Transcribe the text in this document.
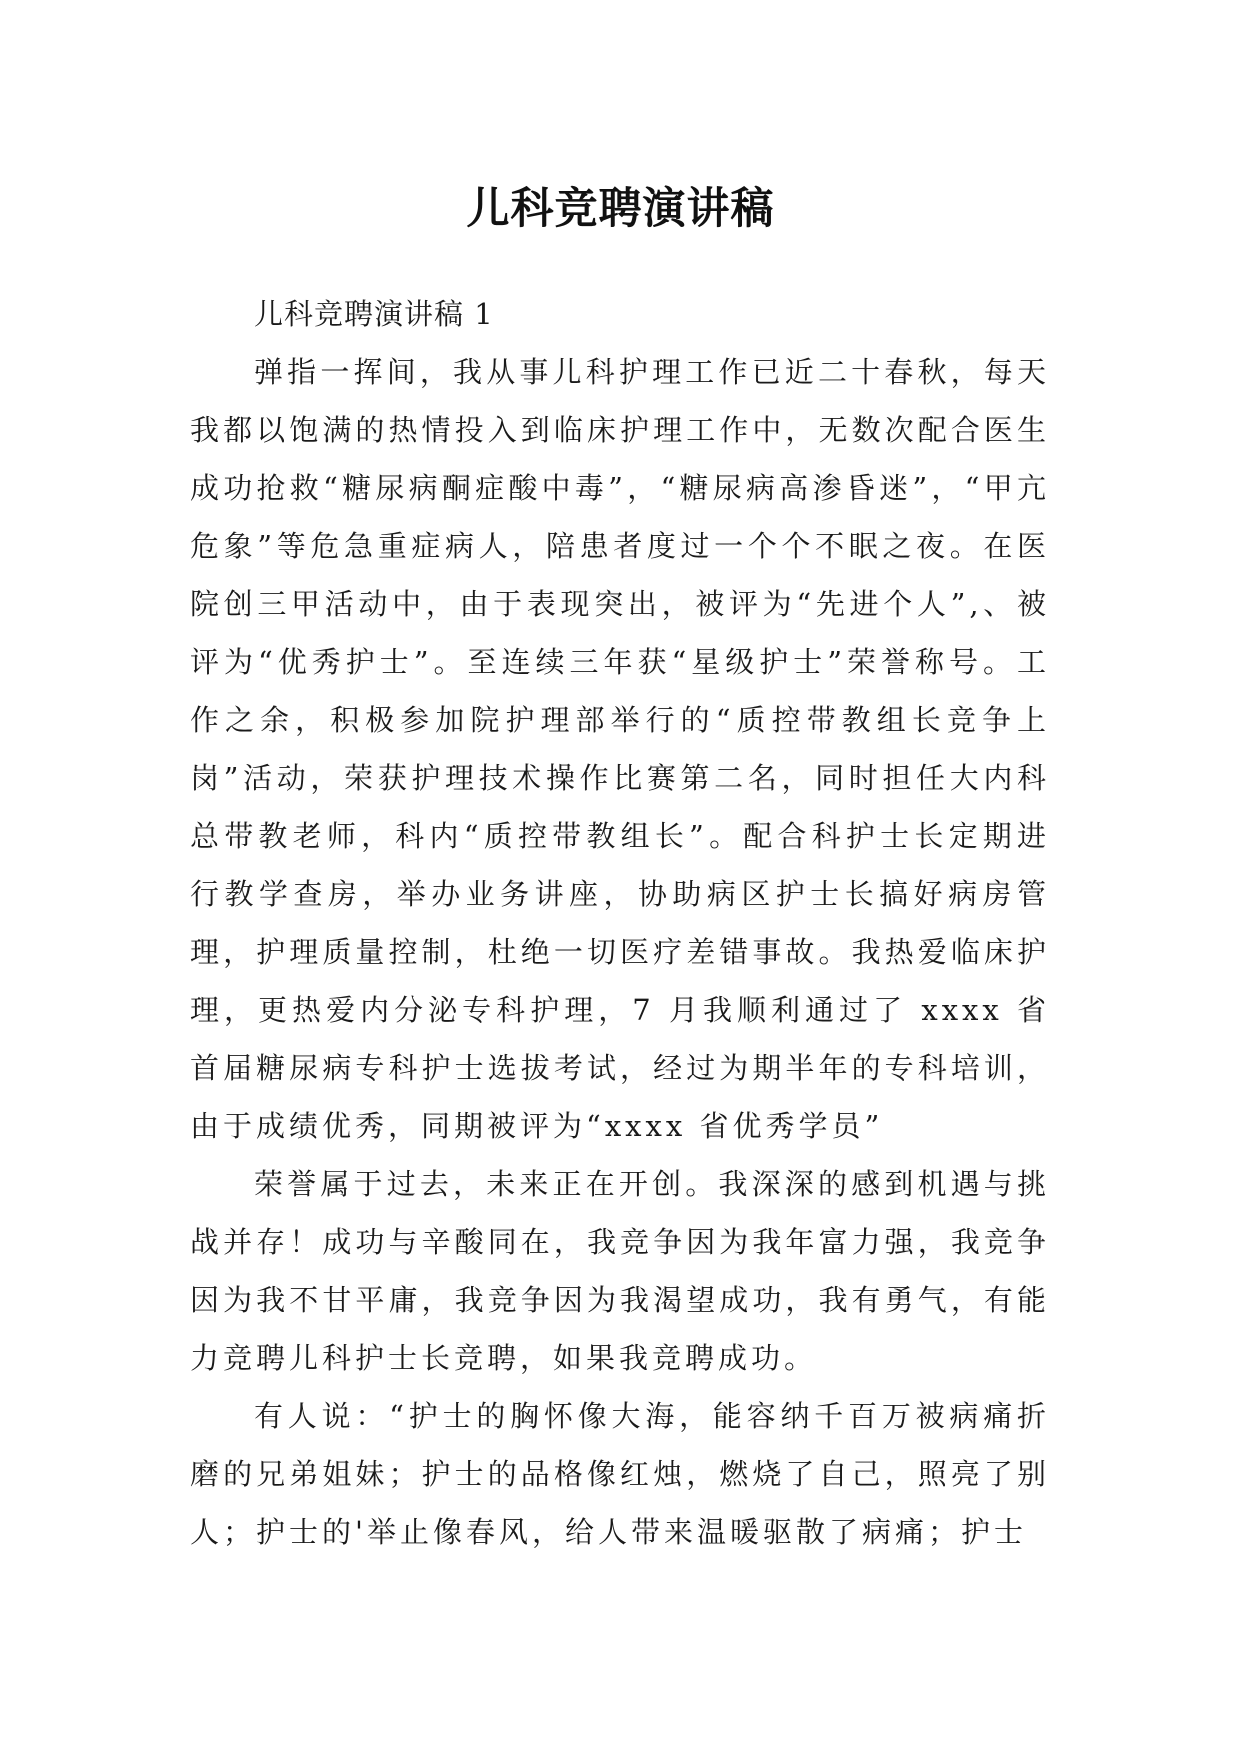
儿科竞聘演讲稿

儿科竞聘演讲稿 1

弹指一挥间，我从事儿科护理工作已近二十春秋，每天我都以饱满的热情投入到临床护理工作中，无数次配合医生成功抢救“糖尿病酮症酸中毒”，“糖尿病高渗昏迷”，“甲亢危象”等危急重症病人，陪患者度过一个个不眠之夜。在医院创三甲活动中，由于表现突出，被评为“先进个人”,、被评为“优秀护士”。至连续三年获“星级护士”荣誉称号。工作之余，积极参加院护理部举行的“质控带教组长竞争上岗”活动，荣获护理技术操作比赛第二名，同时担任大内科总带教老师，科内“质控带教组长”。配合科护士长定期进行教学查房，举办业务讲座，协助病区护士长搞好病房管理，护理质量控制，杜绝一切医疗差错事故。我热爱临床护理，更热爱内分泌专科护理，7 月我顺利通过了 xxxx 省首届糖尿病专科护士选拔考试，经过为期半年的专科培训，由于成绩优秀，同期被评为“xxxx 省优秀学员”

荣誉属于过去，未来正在开创。我深深的感到机遇与挑战并存！成功与辛酸同在，我竞争因为我年富力强，我竞争因为我不甘平庸，我竞争因为我渴望成功，我有勇气，有能力竞聘儿科护士长竞聘，如果我竞聘成功。

有人说：“护士的胸怀像大海，能容纳千百万被病痛折磨的兄弟姐妹；护士的品格像红烛，燃烧了自己，照亮了别人；护士的'举止像春风，给人带来温暖驱散了病痛；护士
